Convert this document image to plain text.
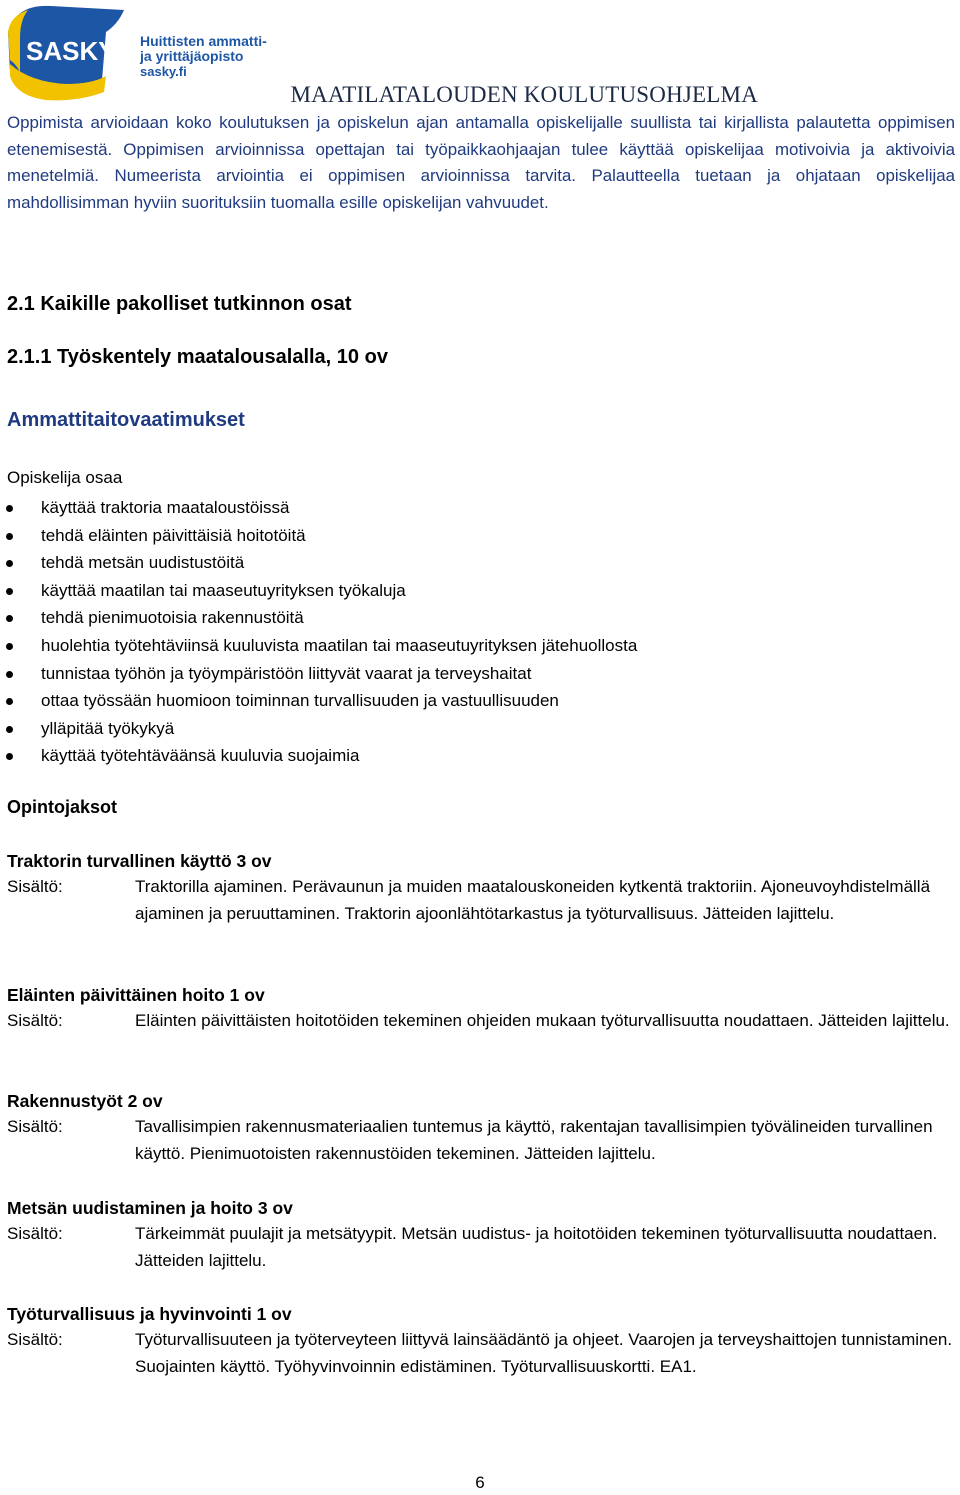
SASKY Huittisten ammatti-
ja yrittäjäopisto
sasky.fi
MAATILATALOUDEN KOULUTUSOHJELMA

Oppimista arvioidaan koko koulutuksen ja opiskelun ajan antamalla opiskelijalle suullista tai kirjallista palautetta oppimisen etenemisestä. Oppimisen arvioinnissa opettajan tai työpaikkaohjaajan tulee käyttää opiskelijaa motivoivia ja aktivoivia menetelmiä. Numeerista arviointia ei oppimisen arvioinnissa tarvita. Palautteella tuetaan ja ohjataan opiskelijaa mahdollisimman hyviin suorituksiin tuomalla esille opiskelijan vahvuudet.

2.1 Kaikille pakolliset tutkinnon osat
2.1.1 Työskentely maatalousalalla, 10 ov
Ammattitaitovaatimukset

Opiskelija osaa

käyttää traktoria maataloustöissä
tehdä eläinten päivittäisiä hoitotöitä
tehdä metsän uudistustöitä
käyttää maatilan tai maaseutuyrityksen työkaluja
tehdä pienimuotoisia rakennustöitä
huolehtia työtehtäviinsä kuuluvista maatilan tai maaseutuyrityksen jätehuollosta
tunnistaa työhön ja työympäristöön liittyvät vaarat ja terveyshaitat
ottaa työssään huomioon toiminnan turvallisuuden ja vastuullisuuden
ylläpitää työkykyä
käyttää työtehtäväänsä kuuluvia suojaimia
Opintojaksot

Traktorin turvallinen käyttö 3 ov

Sisältö:	Traktorilla ajaminen. Perävaunun ja muiden maatalouskoneiden kytkentä traktoriin. Ajoneuvoyhdistelmällä ajaminen ja peruuttaminen. Traktorin ajoonlähtötarkastus ja työturvallisuus. Jätteiden lajittelu.

Eläinten päivittäinen hoito 1 ov

Sisältö:	Eläinten päivittäisten hoitotöiden tekeminen ohjeiden mukaan työturvallisuutta noudattaen. Jätteiden lajittelu.

Rakennustyöt 2 ov

Sisältö:	Tavallisimpien rakennusmateriaalien tuntemus ja käyttö, rakentajan tavallisimpien työvälineiden turvallinen käyttö. Pienimuotoisten rakennustöiden tekeminen. Jätteiden lajittelu.

Metsän uudistaminen ja hoito 3 ov

Sisältö:	Tärkeimmät puulajit ja metsätyypit. Metsän uudistus- ja hoitotöiden tekeminen työturvallisuutta noudattaen. Jätteiden lajittelu.

Työturvallisuus ja hyvinvointi 1 ov

Sisältö:	Työturvallisuuteen ja työterveyteen liittyvä lainsäädäntö ja ohjeet. Vaarojen ja terveyshaittojen tunnistaminen. Suojainten käyttö. Työhyvinvoinnin edistäminen. Työturvallisuuskortti. EA1.

6
